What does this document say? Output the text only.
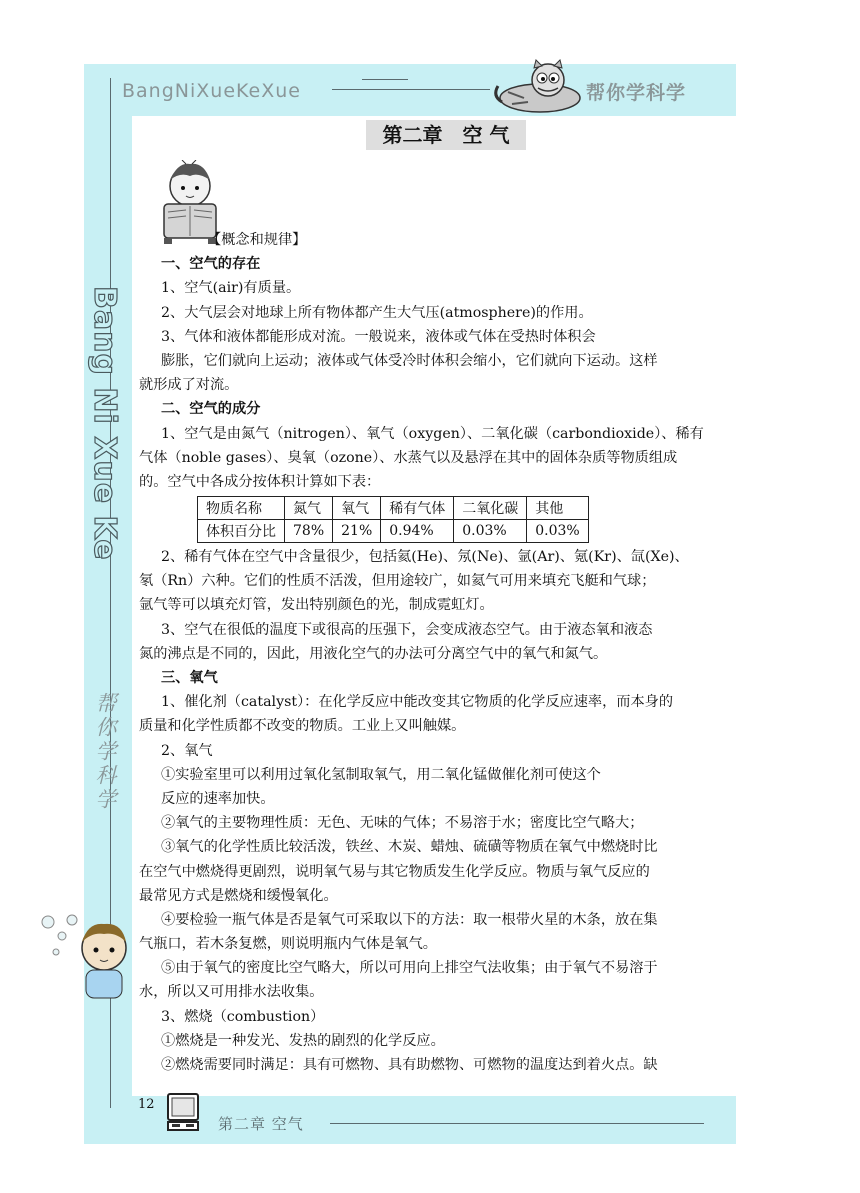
BangNiXueKeXue	帮你学科学
Bang Ni Xue Ke
帮你学科学
第二章　空 气
【概念和规律】
一、空气的存在
1、空气(air)有质量。
2、大气层会对地球上所有物体都产生大气压(atmosphere)的作用。
3、气体和液体都能形成对流。一般说来，液体或气体在受热时体积会
膨胀，它们就向上运动；液体或气体受冷时体积会缩小，它们就向下运动。这样
就形成了对流。
二、空气的成分
1、空气是由氮气（nitrogen）、氧气（oxygen）、二氧化碳（carbondioxide）、稀有
气体（noble gases）、臭氧（ozone）、水蒸气以及悬浮在其中的固体杂质等物质组成
的。空气中各成分按体积计算如下表：
物质名称	氮气	氧气	稀有气体	二氧化碳	其他
体积百分比	78%	21%	0.94%	0.03%	0.03%
2、稀有气体在空气中含量很少，包括氦(He)、氖(Ne)、氩(Ar)、氪(Kr)、氙(Xe)、
氡（Rn）六种。它们的性质不活泼，但用途较广，如氦气可用来填充飞艇和气球；
氩气等可以填充灯管，发出特别颜色的光，制成霓虹灯。
3、空气在很低的温度下或很高的压强下，会变成液态空气。由于液态氧和液态
氮的沸点是不同的，因此，用液化空气的办法可分离空气中的氧气和氮气。
三、氧气
1、催化剂（catalyst）：在化学反应中能改变其它物质的化学反应速率，而本身的
质量和化学性质都不改变的物质。工业上又叫触媒。
2、氧气
①实验室里可以利用过氧化氢制取氧气，用二氧化锰做催化剂可使这个
反应的速率加快。
②氧气的主要物理性质：无色、无味的气体；不易溶于水；密度比空气略大；
③氧气的化学性质比较活泼，铁丝、木炭、蜡烛、硫磺等物质在氧气中燃烧时比
在空气中燃烧得更剧烈，说明氧气易与其它物质发生化学反应。物质与氧气反应的
最常见方式是燃烧和缓慢氧化。
④要检验一瓶气体是否是氧气可采取以下的方法：取一根带火星的木条，放在集
气瓶口，若木条复燃，则说明瓶内气体是氧气。
⑤由于氧气的密度比空气略大，所以可用向上排空气法收集；由于氧气不易溶于
水，所以又可用排水法收集。
3、燃烧（combustion）
①燃烧是一种发光、发热的剧烈的化学反应。
②燃烧需要同时满足：具有可燃物、具有助燃物、可燃物的温度达到着火点。缺
12
第二章 空气
